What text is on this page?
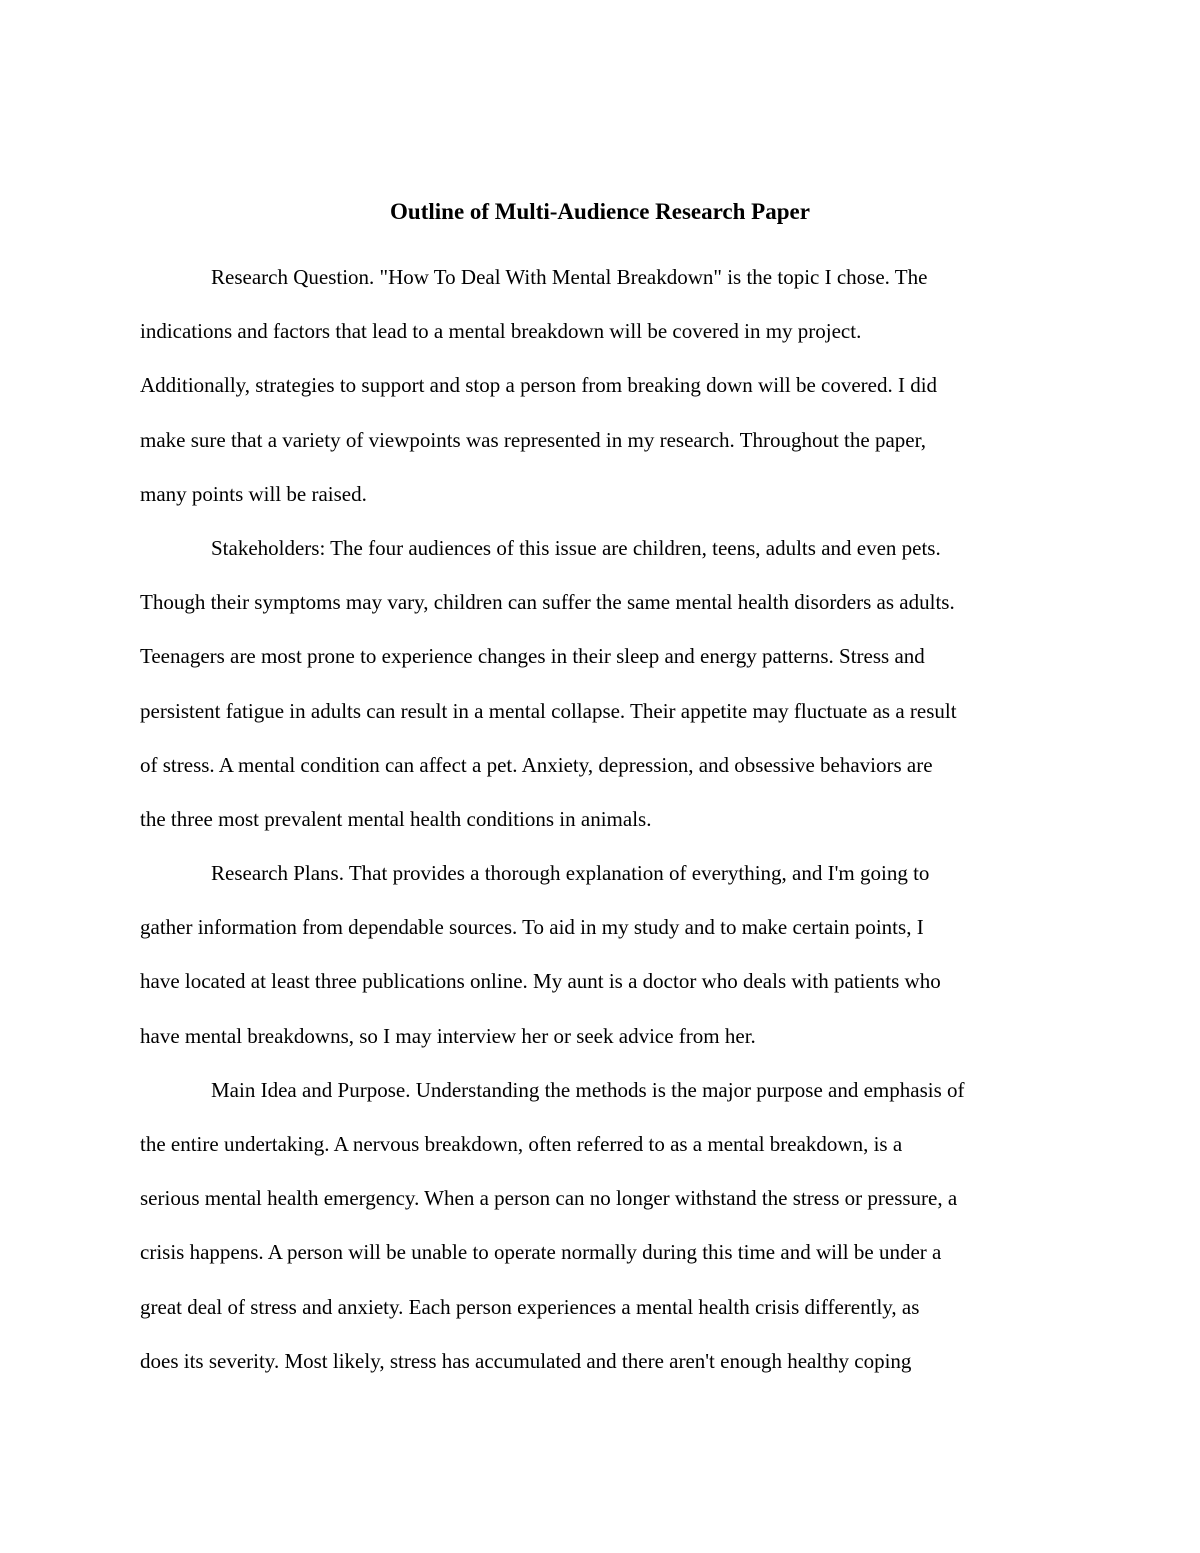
Outline of Multi-Audience Research Paper

Research Question. "How To Deal With Mental Breakdown" is the topic I chose. The
indications and factors that lead to a mental breakdown will be covered in my project.
Additionally, strategies to support and stop a person from breaking down will be covered. I did
make sure that a variety of viewpoints was represented in my research. Throughout the paper,
many points will be raised.

Stakeholders: The four audiences of this issue are children, teens, adults and even pets.
Though their symptoms may vary, children can suffer the same mental health disorders as adults.
Teenagers are most prone to experience changes in their sleep and energy patterns. Stress and
persistent fatigue in adults can result in a mental collapse. Their appetite may fluctuate as a result
of stress. A mental condition can affect a pet. Anxiety, depression, and obsessive behaviors are
the three most prevalent mental health conditions in animals.

Research Plans. That provides a thorough explanation of everything, and I'm going to
gather information from dependable sources. To aid in my study and to make certain points, I
have located at least three publications online. My aunt is a doctor who deals with patients who
have mental breakdowns, so I may interview her or seek advice from her.

Main Idea and Purpose. Understanding the methods is the major purpose and emphasis of
the entire undertaking. A nervous breakdown, often referred to as a mental breakdown, is a
serious mental health emergency. When a person can no longer withstand the stress or pressure, a
crisis happens. A person will be unable to operate normally during this time and will be under a
great deal of stress and anxiety. Each person experiences a mental health crisis differently, as
does its severity. Most likely, stress has accumulated and there aren't enough healthy coping
